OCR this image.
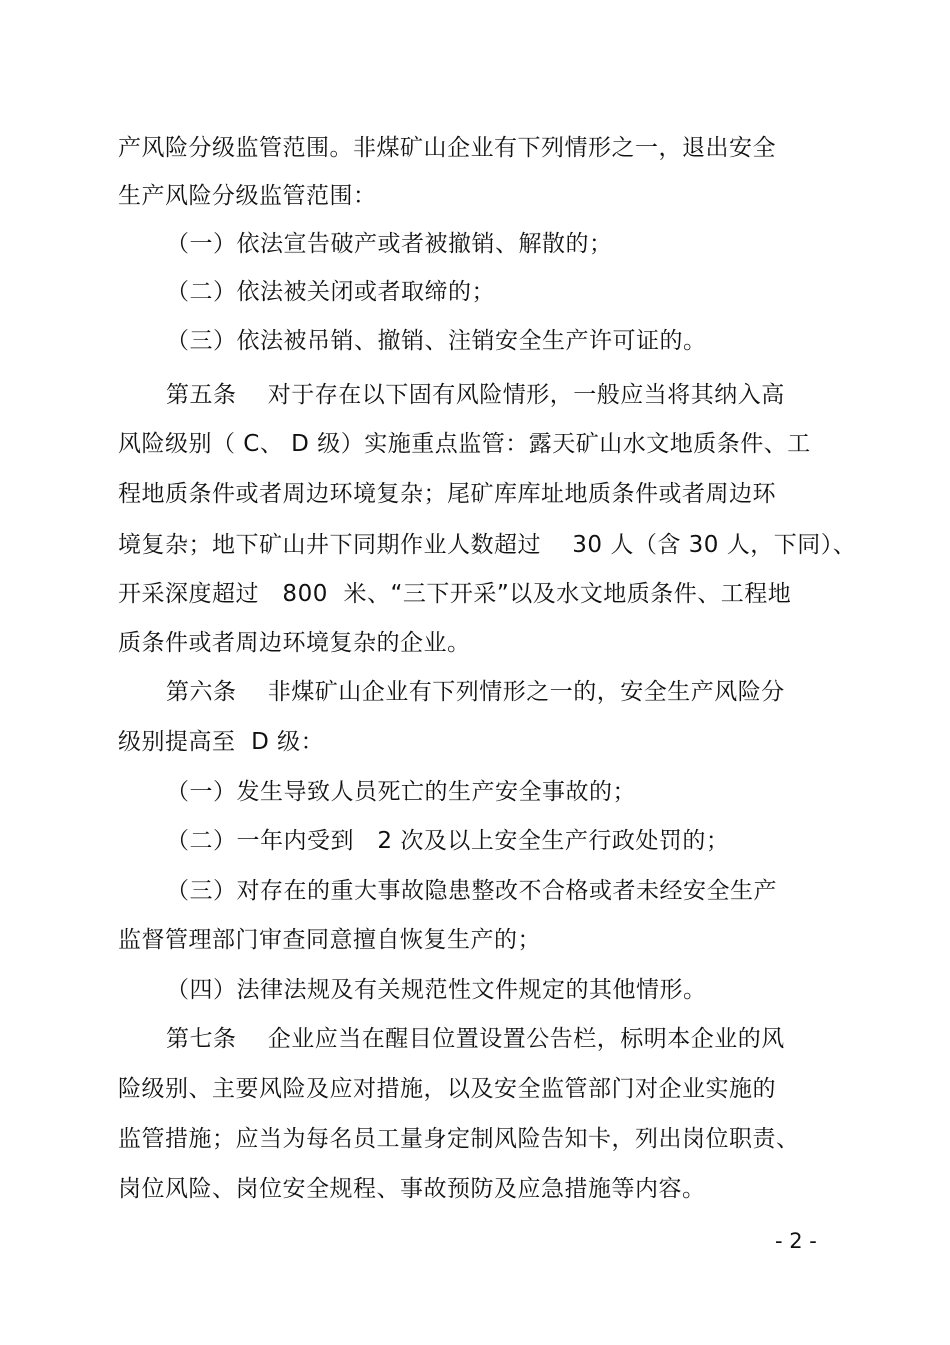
产风险分级监管范围。非煤矿山企业有下列情形之一，退出安全
生产风险分级监管范围：
（一）依法宣告破产或者被撤销、解散的；
（二）依法被关闭或者取缔的；
（三）依法被吊销、撤销、注销安全生产许可证的。
第五条    对于存在以下固有风险情形，一般应当将其纳入高
风险级别（ C、 D 级）实施重点监管：露天矿山水文地质条件、工
程地质条件或者周边环境复杂；尾矿库库址地质条件或者周边环
境复杂；地下矿山井下同期作业人数超过    30 人（含 30 人，下同）、
开采深度超过   800  米、“三下开采”以及水文地质条件、工程地
质条件或者周边环境复杂的企业。
第六条    非煤矿山企业有下列情形之一的，安全生产风险分
级别提高至  D 级：
（一）发生导致人员死亡的生产安全事故的；
（二）一年内受到   2 次及以上安全生产行政处罚的；
（三）对存在的重大事故隐患整改不合格或者未经安全生产
监督管理部门审查同意擅自恢复生产的；
（四）法律法规及有关规范性文件规定的其他情形。
第七条    企业应当在醒目位置设置公告栏，标明本企业的风
险级别、主要风险及应对措施，以及安全监管部门对企业实施的
监管措施；应当为每名员工量身定制风险告知卡，列出岗位职责、
岗位风险、岗位安全规程、事故预防及应急措施等内容。
- 2 -
